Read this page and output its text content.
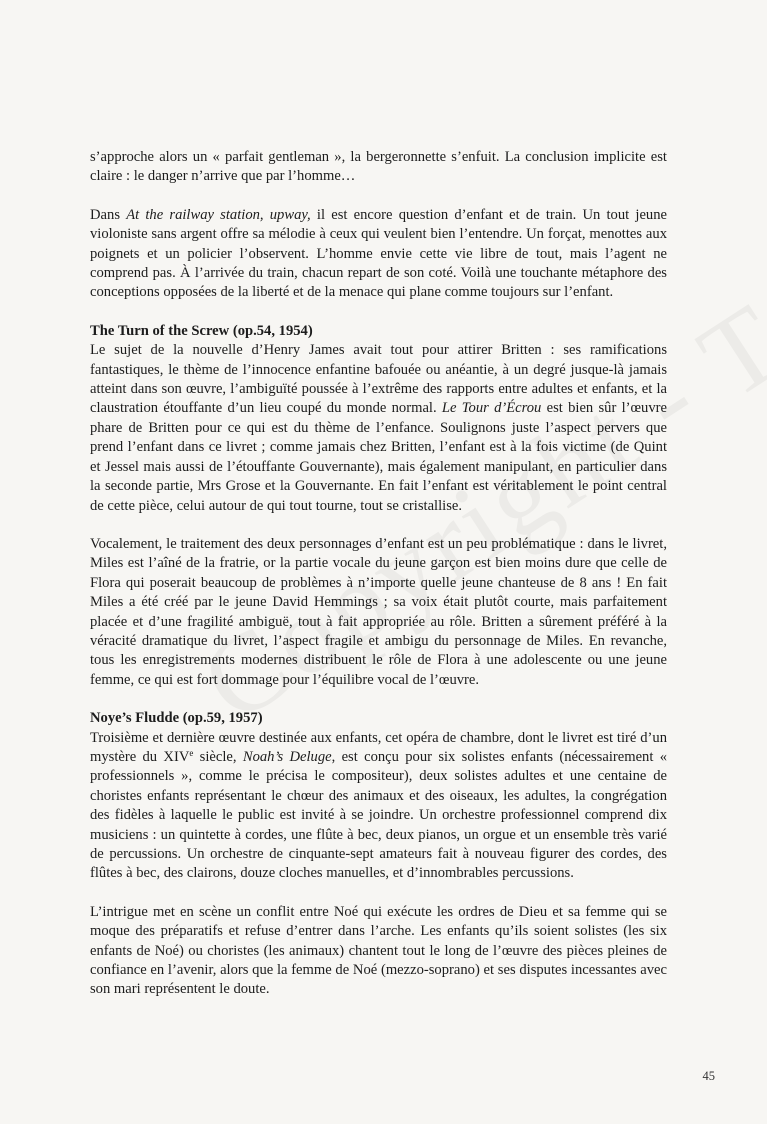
s’approche alors un « parfait gentleman », la bergeronnette s’enfuit. La conclusion implicite est claire : le danger n’arrive que par l’homme…

Dans At the railway station, upway, il est encore question d’enfant et de train. Un tout jeune violoniste sans argent offre sa mélodie à ceux qui veulent bien l’entendre. Un forçat, menottes aux poignets et un policier l’observent. L’homme envie cette vie libre de tout, mais l’agent ne comprend pas. À l’arrivée du train, chacun repart de son coté. Voilà une touchante métaphore des conceptions opposées de la liberté et de la menace qui plane comme toujours sur l’enfant.

The Turn of the Screw (op.54, 1954)

Le sujet de la nouvelle d’Henry James avait tout pour attirer Britten : ses ramifications fantastiques, le thème de l’innocence enfantine bafouée ou anéantie, à un degré jusque-là jamais atteint dans son œuvre, l’ambiguïté poussée à l’extrême des rapports entre adultes et enfants, et la claustration étouffante d’un lieu coupé du monde normal. Le Tour d’Écrou est bien sûr l’œuvre phare de Britten pour ce qui est du thème de l’enfance. Soulignons juste l’aspect pervers que prend l’enfant dans ce livret ; comme jamais chez Britten, l’enfant est à la fois victime (de Quint et Jessel mais aussi de l’étouffante Gouvernante), mais également manipulant, en particulier dans la seconde partie, Mrs Grose et la Gouvernante. En fait l’enfant est véritablement le point central de cette pièce, celui autour de qui tout tourne, tout se cristallise.

Vocalement, le traitement des deux personnages d’enfant est un peu problématique : dans le livret, Miles est l’aîné de la fratrie, or la partie vocale du jeune garçon est bien moins dure que celle de Flora qui poserait beaucoup de problèmes à n’importe quelle jeune chanteuse de 8 ans ! En fait Miles a été créé par le jeune David Hemmings ; sa voix était plutôt courte, mais parfaitement placée et d’une fragilité ambiguë, tout à fait appropriée au rôle. Britten a sûrement préféré à la véracité dramatique du livret, l’aspect fragile et ambigu du personnage de Miles. En revanche, tous les enregistrements modernes distribuent le rôle de Flora à une adolescente ou une jeune femme, ce qui est fort dommage pour l’équilibre vocal de l’œuvre.

Noye’s Fludde (op.59, 1957)

Troisième et dernière œuvre destinée aux enfants, cet opéra de chambre, dont le livret est tiré d’un mystère du XIVe siècle, Noah’s Deluge, est conçu pour six solistes enfants (nécessairement « professionnels », comme le précisa le compositeur), deux solistes adultes et une centaine de choristes enfants représentant le chœur des animaux et des oiseaux, les adultes, la congrégation des fidèles à laquelle le public est invité à se joindre. Un orchestre professionnel comprend dix musiciens : un quintette à cordes, une flûte à bec, deux pianos, un orgue et un ensemble très varié de percussions. Un orchestre de cinquante-sept amateurs fait à nouveau figurer des cordes, des flûtes à bec, des clairons, douze cloches manuelles, et d’innombrables percussions.

L’intrigue met en scène un conflit entre Noé qui exécute les ordres de Dieu et sa femme qui se moque des préparatifs et refuse d’entrer dans l’arche. Les enfants qu’ils soient solistes (les six enfants de Noé) ou choristes (les animaux) chantent tout le long de l’œuvre des pièces pleines de confiance en l’avenir, alors que la femme de Noé (mezzo-soprano) et ses disputes incessantes avec son mari représentent le doute.

45
